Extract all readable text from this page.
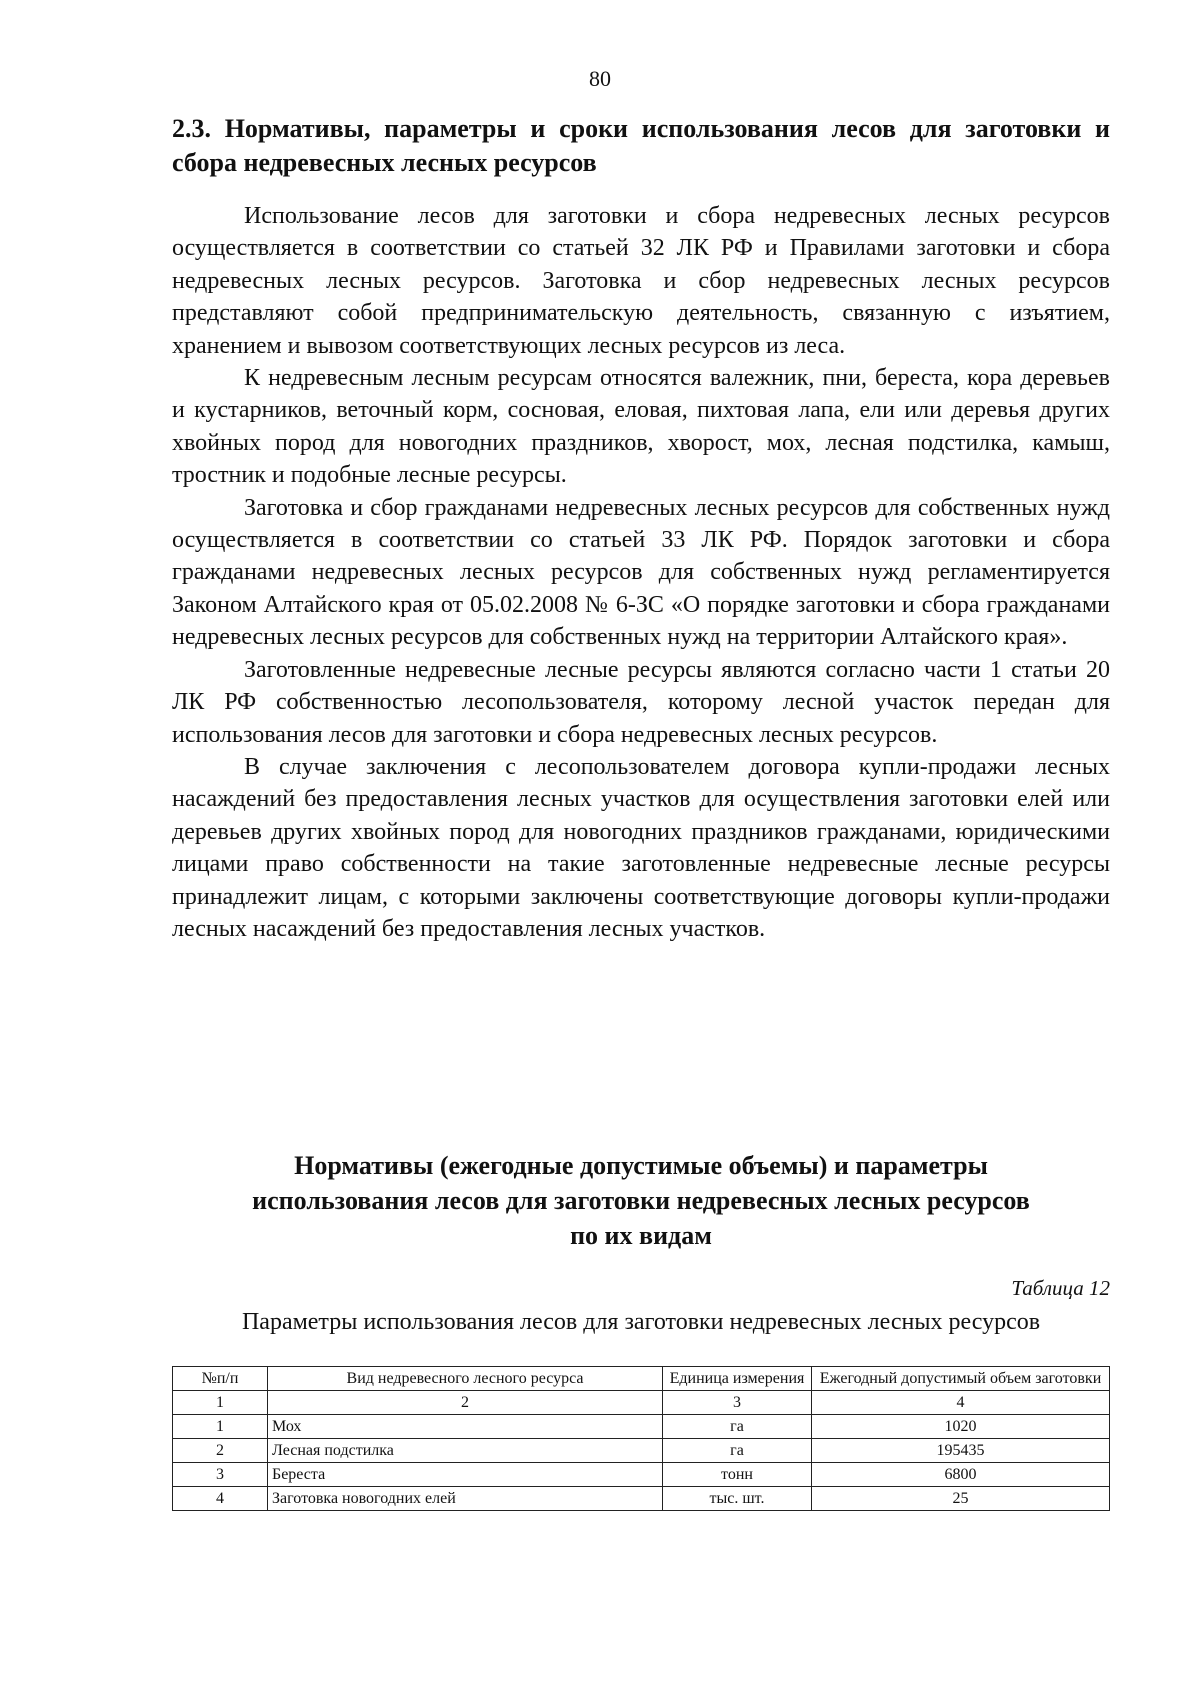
80
2.3. Нормативы, параметры и сроки использования лесов для заготовки и сбора недревесных лесных ресурсов

Использование лесов для заготовки и сбора недревесных лесных ресурсов осуществляется в соответствии со статьей 32 ЛК РФ и Правилами заготовки и сбора недревесных лесных ресурсов. Заготовка и сбор недревесных лесных ресурсов представляют собой предпринимательскую деятельность, связанную с изъятием, хранением и вывозом соответствующих лесных ресурсов из леса.

К недревесным лесным ресурсам относятся валежник, пни, береста, кора деревьев и кустарников, веточный корм, сосновая, еловая, пихтовая лапа, ели или деревья других хвойных пород для новогодних праздников, хворост, мох, лесная подстилка, камыш, тростник и подобные лесные ресурсы.

Заготовка и сбор гражданами недревесных лесных ресурсов для собственных нужд осуществляется в соответствии со статьей 33 ЛК РФ. Порядок заготовки и сбора гражданами недревесных лесных ресурсов для собственных нужд регламентируется Законом Алтайского края от 05.02.2008 № 6-ЗС «О порядке заготовки и сбора гражданами недревесных лесных ресурсов для собственных нужд на территории Алтайского края».

Заготовленные недревесные лесные ресурсы являются согласно части 1 статьи 20 ЛК РФ собственностью лесопользователя, которому лесной участок передан для использования лесов для заготовки и сбора недревесных лесных ресурсов.

В случае заключения с лесопользователем договора купли-продажи лесных насаждений без предоставления лесных участков для осуществления заготовки елей или деревьев других хвойных пород для новогодних праздников гражданами, юридическими лицами право собственности на такие заготовленные недревесные лесные ресурсы принадлежит лицам, с которыми заключены соответствующие договоры купли-продажи лесных насаждений без предоставления лесных участков.

Нормативы (ежегодные допустимые объемы) и параметры
использования лесов для заготовки недревесных лесных ресурсов
по их видам
Таблица 12
Параметры использования лесов для заготовки недревесных лесных ресурсов
№п/п	Вид недревесного лесного ресурса	Единица измерения	Ежегодный допустимый объем заготовки
1	2	3	4
1	Мох	га	1020
2	Лесная подстилка	га	195435
3	Береста	тонн	6800
4	Заготовка новогодних елей	тыс. шт.	25
